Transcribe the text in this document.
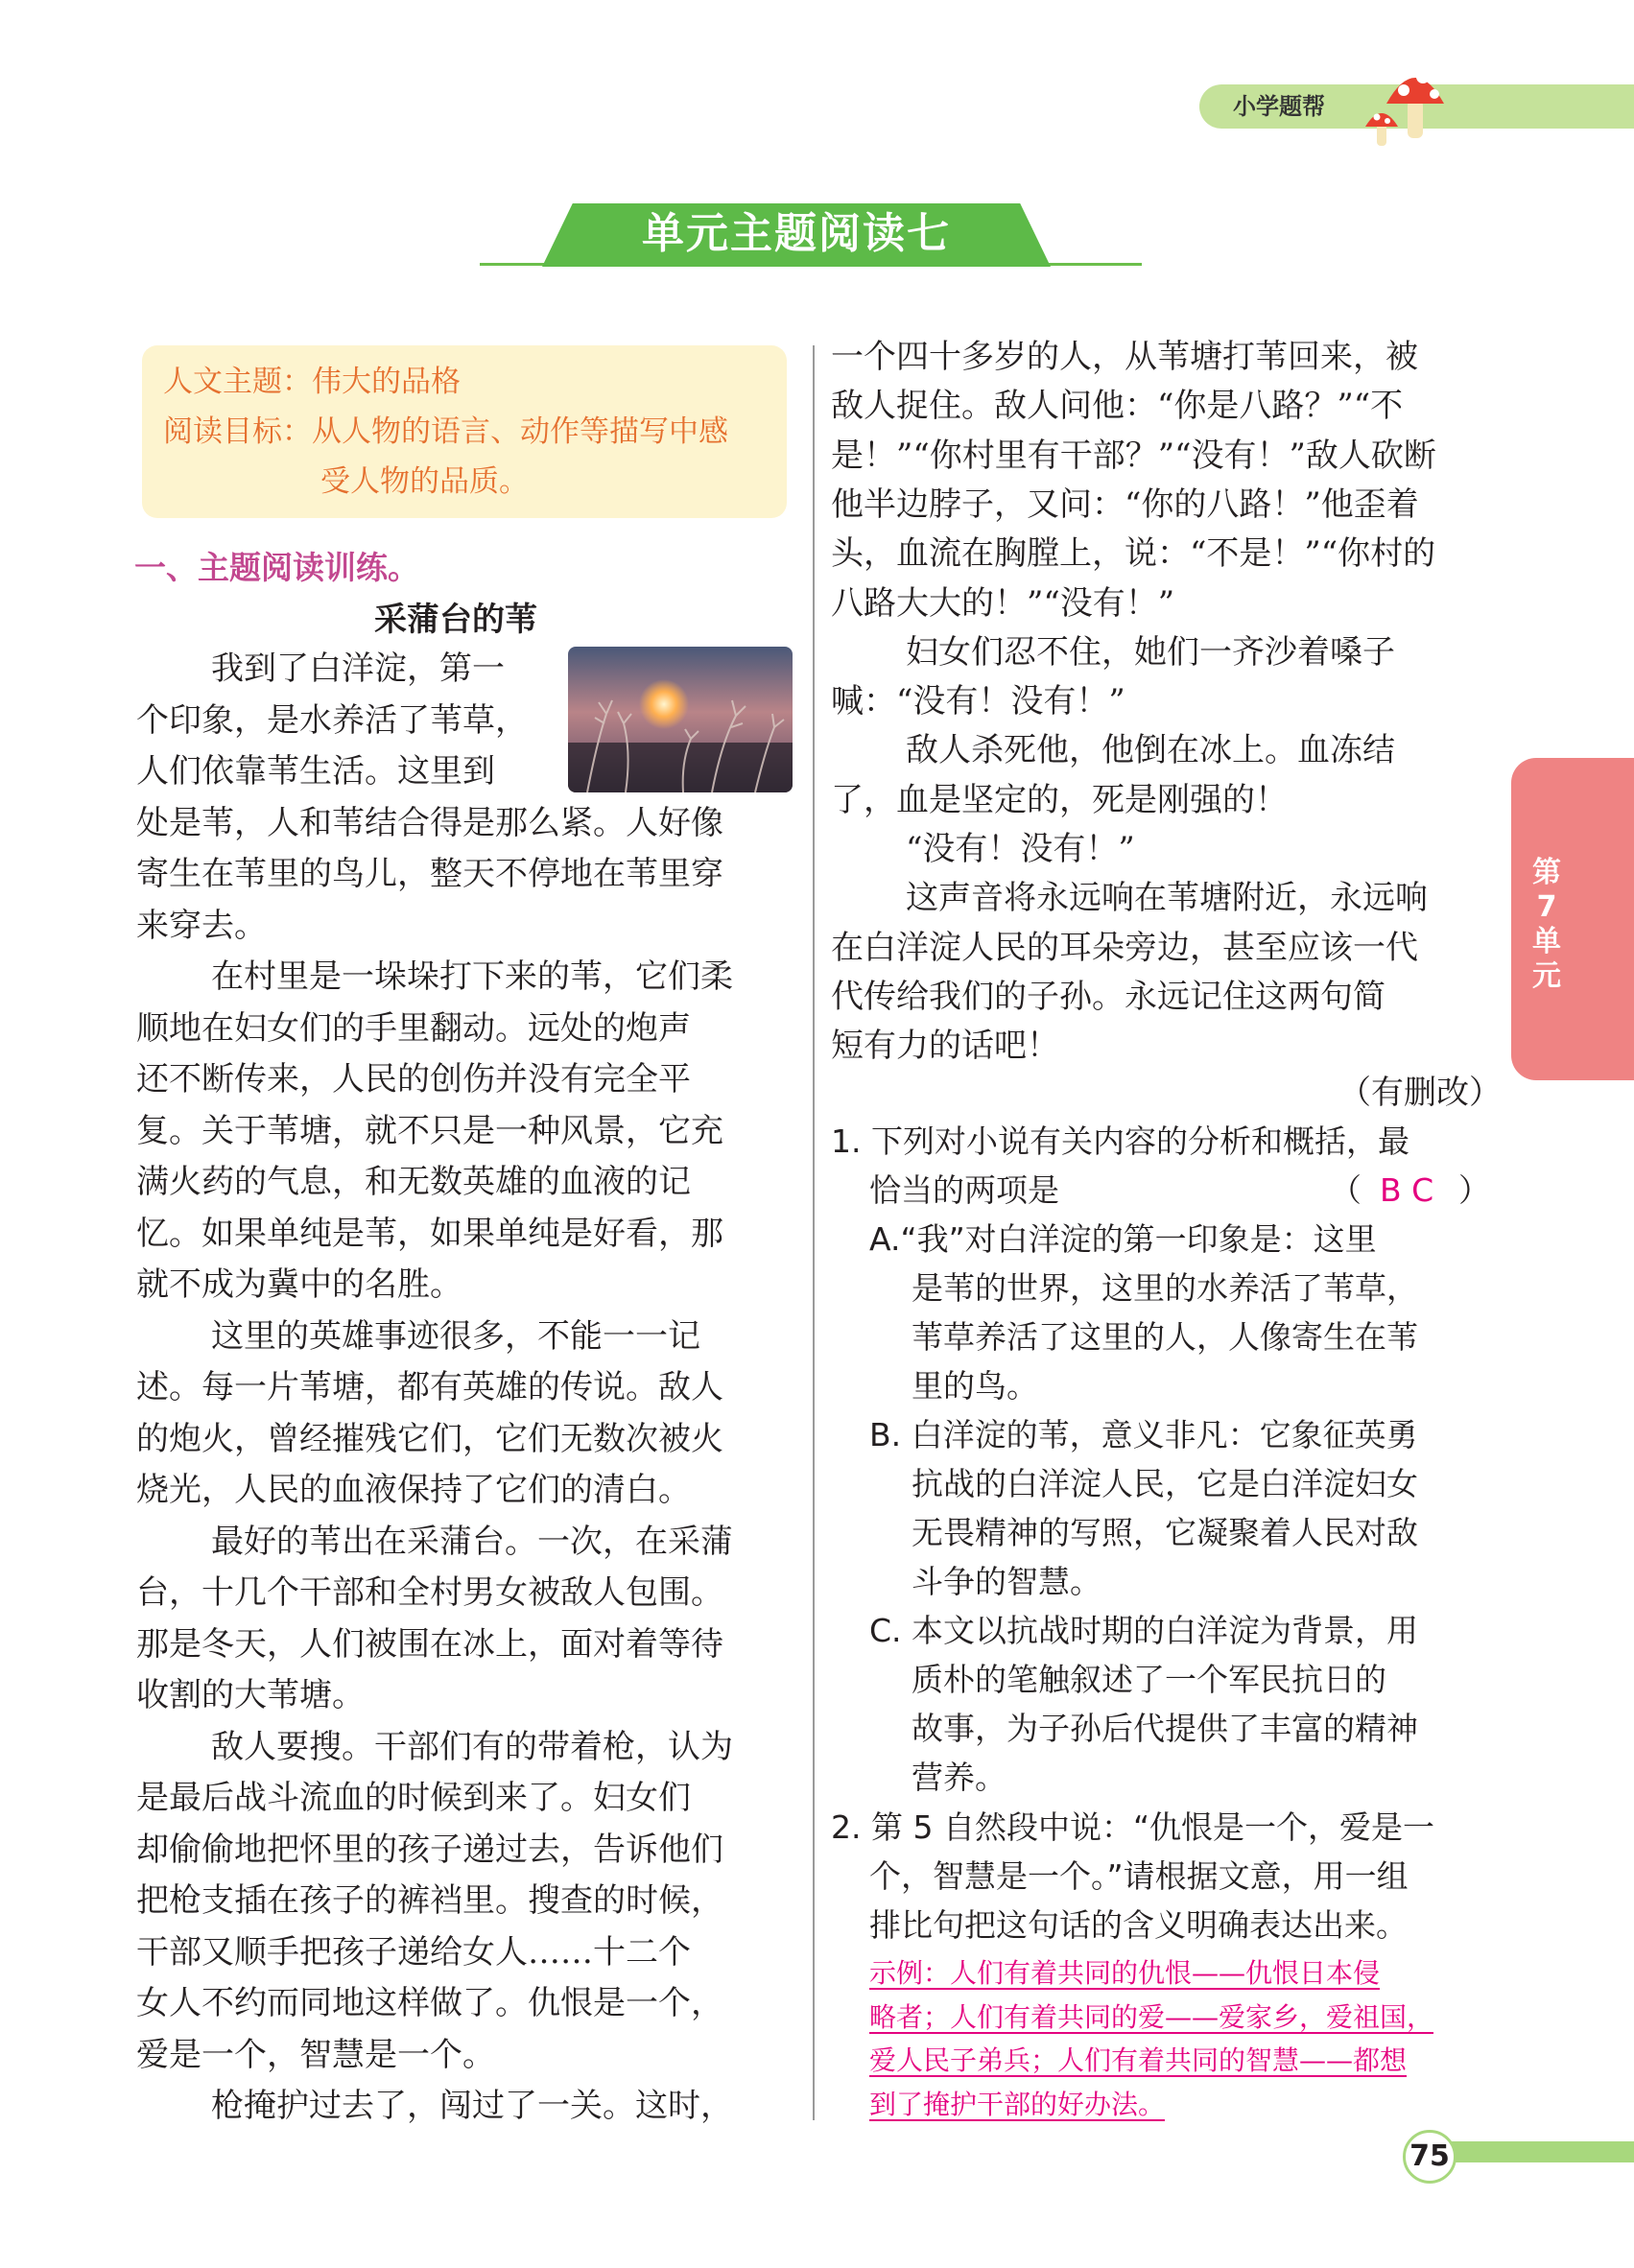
小学题帮
单元主题阅读七
人文主题：伟大的品格
阅读目标：从人物的语言、动作等描写中感
受人物的品质。
一、主题阅读训练。
采蒲台的苇
我到了白洋淀，第一
个印象，是水养活了苇草，
人们依靠苇生活。这里到
处是苇，人和苇结合得是那么紧。人好像
寄生在苇里的鸟儿，整天不停地在苇里穿
来穿去。
在村里是一垛垛打下来的苇，它们柔
顺地在妇女们的手里翻动。远处的炮声
还不断传来，人民的创伤并没有完全平
复。关于苇塘，就不只是一种风景，它充
满火药的气息，和无数英雄的血液的记
忆。如果单纯是苇，如果单纯是好看，那
就不成为冀中的名胜。
这里的英雄事迹很多，不能一一记
述。每一片苇塘，都有英雄的传说。敌人
的炮火，曾经摧残它们，它们无数次被火
烧光，人民的血液保持了它们的清白。
最好的苇出在采蒲台。一次，在采蒲
台，十几个干部和全村男女被敌人包围。
那是冬天，人们被围在冰上，面对着等待
收割的大苇塘。
敌人要搜。干部们有的带着枪，认为
是最后战斗流血的时候到来了。妇女们
却偷偷地把怀里的孩子递过去，告诉他们
把枪支插在孩子的裤裆里。搜查的时候，
干部又顺手把孩子递给女人……十二个
女人不约而同地这样做了。仇恨是一个，
爱是一个，智慧是一个。
枪掩护过去了，闯过了一关。这时，
一个四十多岁的人，从苇塘打苇回来，被
敌人捉住。敌人问他：“你是八路？”“不
是！”“你村里有干部？”“没有！”敌人砍断
他半边脖子，又问：“你的八路！”他歪着
头，血流在胸膛上，说：“不是！”“你村的
八路大大的！”“没有！”
妇女们忍不住，她们一齐沙着嗓子
喊：“没有！没有！”
敌人杀死他，他倒在冰上。血冻结
了，血是坚定的，死是刚强的！
“没有！没有！”
这声音将永远响在苇塘附近，永远响
在白洋淀人民的耳朵旁边，甚至应该一代
代传给我们的子孙。永远记住这两句简
短有力的话吧！
（有删改）
1. 下列对小说有关内容的分析和概括，最
恰当的两项是	（ B C ）
A.“我”对白洋淀的第一印象是：这里
是苇的世界，这里的水养活了苇草，
苇草养活了这里的人，人像寄生在苇
里的鸟。
B. 白洋淀的苇，意义非凡：它象征英勇
抗战的白洋淀人民，它是白洋淀妇女
无畏精神的写照，它凝聚着人民对敌
斗争的智慧。
C. 本文以抗战时期的白洋淀为背景，用
质朴的笔触叙述了一个军民抗日的
故事，为子孙后代提供了丰富的精神
营养。
2. 第 5 自然段中说：“仇恨是一个，爱是一
个，智慧是一个。”请根据文意，用一组
排比句把这句话的含义明确表达出来。
示例：人们有着共同的仇恨——仇恨日本侵
略者；人们有着共同的爱——爱家乡，爱祖国，
爱人民子弟兵；人们有着共同的智慧——都想
到了掩护干部的好办法。
第7
单元
75
